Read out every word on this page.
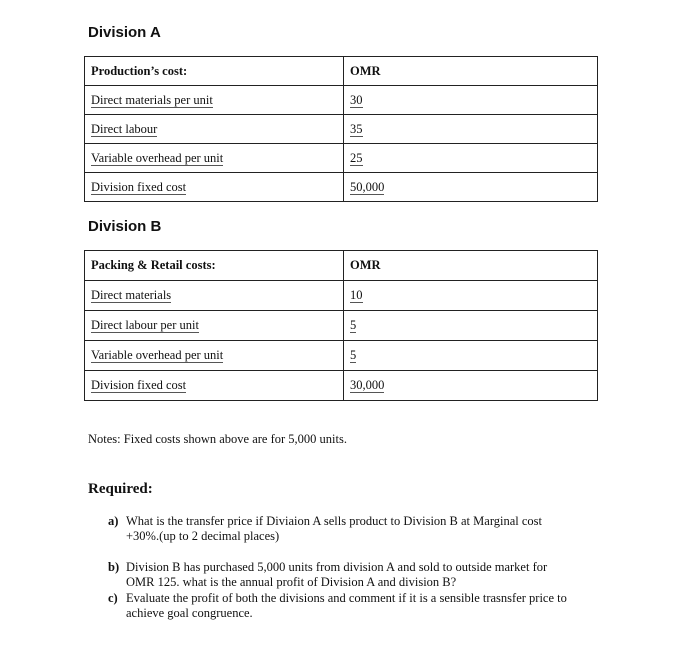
Division A
Production’s cost:	OMR
Direct materials per unit	30
Direct labour	35
Variable overhead per unit	25
Division fixed cost	50,000
Division B
Packing & Retail costs:	OMR
Direct materials	10
Direct labour per unit	5
Variable overhead per unit	5
Division fixed cost	30,000
Notes: Fixed costs shown above are for 5,000 units.
Required:
a) What is the transfer price if Diviaion A sells product to Division B at Marginal cost
+30%.(up to 2 decimal places)
b) Division B has purchased 5,000 units from division A and sold to outside market for
OMR 125. what is the annual profit of Division A and division B?
c) Evaluate the profit of both the divisions and comment if it is a sensible trasnsfer price to
achieve goal congruence.
